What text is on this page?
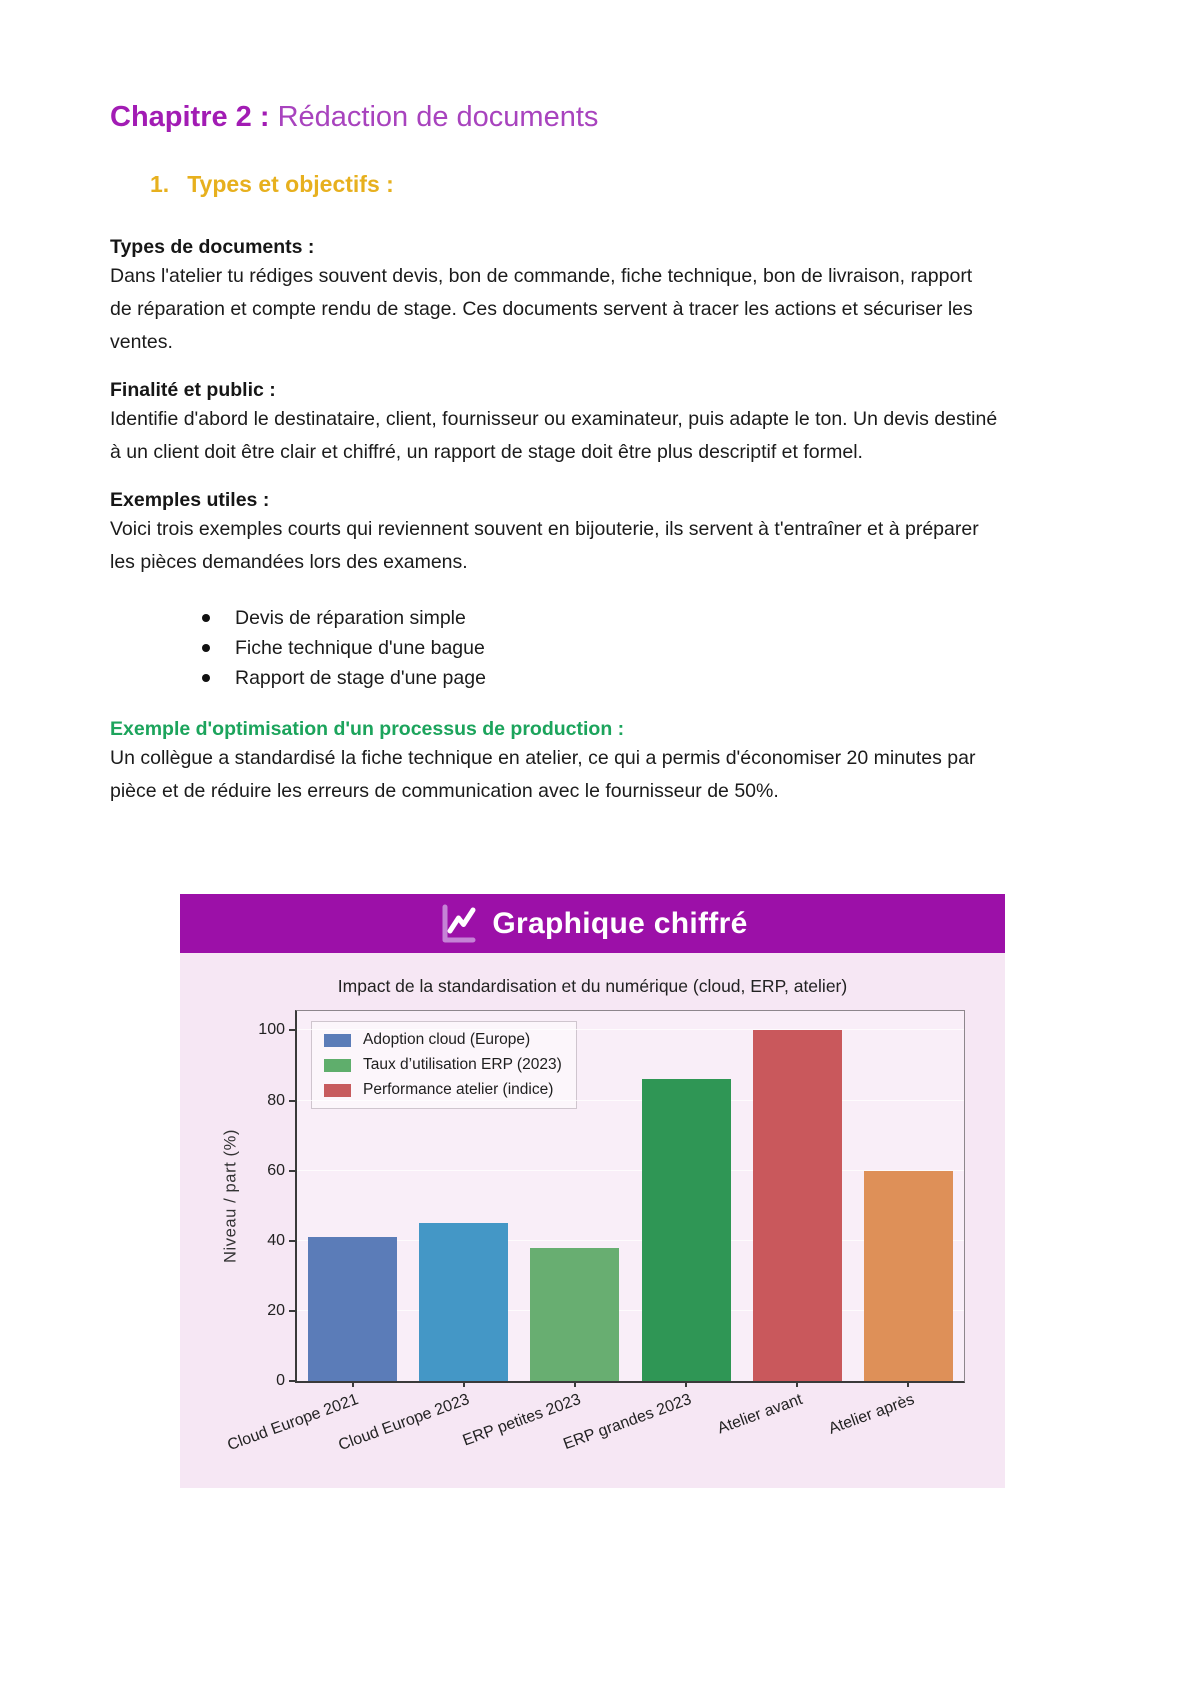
Chapitre 2 : Rédaction de documents
1. Types et objectifs :
Types de documents :

Dans l'atelier tu rédiges souvent devis, bon de commande, fiche technique, bon de livraison, rapport de réparation et compte rendu de stage. Ces documents servent à tracer les actions et sécuriser les ventes.

Finalité et public :

Identifie d'abord le destinataire, client, fournisseur ou examinateur, puis adapte le ton. Un devis destiné à un client doit être clair et chiffré, un rapport de stage doit être plus descriptif et formel.

Exemples utiles :

Voici trois exemples courts qui reviennent souvent en bijouterie, ils servent à t'entraîner et à préparer les pièces demandées lors des examens.

Devis de réparation simple
Fiche technique d'une bague
Rapport de stage d'une page
Exemple d'optimisation d'un processus de production :

Un collègue a standardisé la fiche technique en atelier, ce qui a permis d'économiser 20 minutes par pièce et de réduire les erreurs de communication avec le fournisseur de 50%.

Graphique chiffré
Impact de la standardisation et du numérique (cloud, ERP, atelier)
Niveau / part (%)
Adoption cloud (Europe)
Taux d’utilisation ERP (2023)
Performance atelier (indice)
0
20
40
60
80
100
Cloud Europe 2021
Cloud Europe 2023
ERP petites 2023
ERP grandes 2023 Atelier avant Atelier après
